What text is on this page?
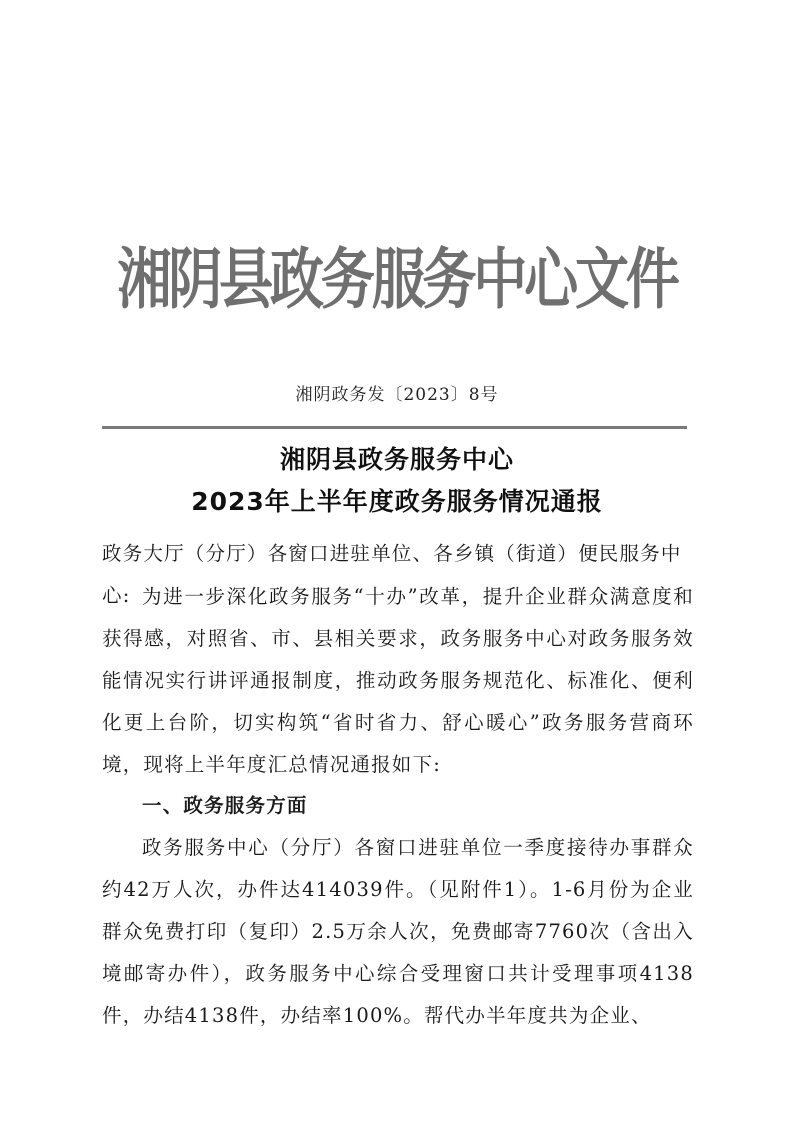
湘阴县政务服务中心文件
湘阴政务发〔2023〕8号
湘阴县政务服务中心
2023年上半年度政务服务情况通报
政务大厅（分厅）各窗口进驻单位、各乡镇（街道）便民服务中心: 为进一步深化政务服务“十办”改革，提升企业群众满意度和获得感，对照省、市、县相关要求，政务服务中心对政务服务效能情况实行讲评通报制度，推动政务服务规范化、标准化、便利化更上台阶，切实构筑“省时省力、舒心暖心”政务服务营商环境，现将上半年度汇总情况通报如下:

一、政务服务方面

政务服务中心（分厅）各窗口进驻单位一季度接待办事群众约42万人次，办件达414039件。（见附件1）。1-6月份为企业群众免费打印（复印）2.5万余人次，免费邮寄7760次（含出入境邮寄办件），政务服务中心综合受理窗口共计受理事项4138件，办结4138件，办结率100%。帮代办半年度共为企业、
